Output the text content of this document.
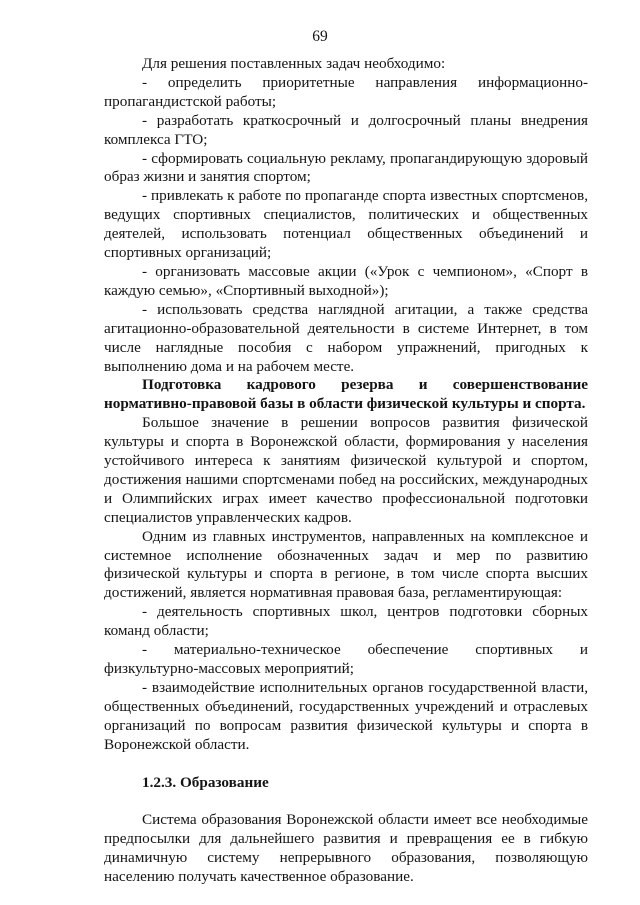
69

Для решения поставленных задач необходимо:

- определить приоритетные направления информационно-пропагандистской работы;

- разработать краткосрочный и долгосрочный планы внедрения комплекса ГТО;

- сформировать социальную рекламу, пропагандирующую здоровый образ жизни и занятия спортом;

- привлекать к работе по пропаганде спорта известных спортсменов, ведущих спортивных специалистов, политических и общественных деятелей, использовать потенциал общественных объединений и спортивных организаций;

- организовать массовые акции («Урок с чемпионом», «Спорт в каждую семью», «Спортивный выходной»);

- использовать средства наглядной агитации, а также средства агитационно-образовательной деятельности в системе Интернет, в том числе наглядные пособия с набором упражнений, пригодных к выполнению дома и на рабочем месте.

Подготовка кадрового резерва и совершенствование нормативно-правовой базы в области физической культуры и спорта.

Большое значение в решении вопросов развития физической культуры и спорта в Воронежской области, формирования у населения устойчивого интереса к занятиям физической культурой и спортом, достижения нашими спортсменами побед на российских, международных и Олимпийских играх имеет качество профессиональной подготовки специалистов управленческих кадров.

Одним из главных инструментов, направленных на комплексное и системное исполнение обозначенных задач и мер по развитию физической культуры и спорта в регионе, в том числе спорта высших достижений, является нормативная правовая база, регламентирующая:

- деятельность спортивных школ, центров подготовки сборных команд области;

- материально-техническое обеспечение спортивных и физкультурно-массовых мероприятий;

- взаимодействие исполнительных органов государственной власти, общественных объединений, государственных учреждений и отраслевых организаций по вопросам развития физической культуры и спорта в Воронежской области.

1.2.3. Образование

Система образования Воронежской области имеет все необходимые предпосылки для дальнейшего развития и превращения ее в гибкую динамичную систему непрерывного образования, позволяющую населению получать качественное образование.
